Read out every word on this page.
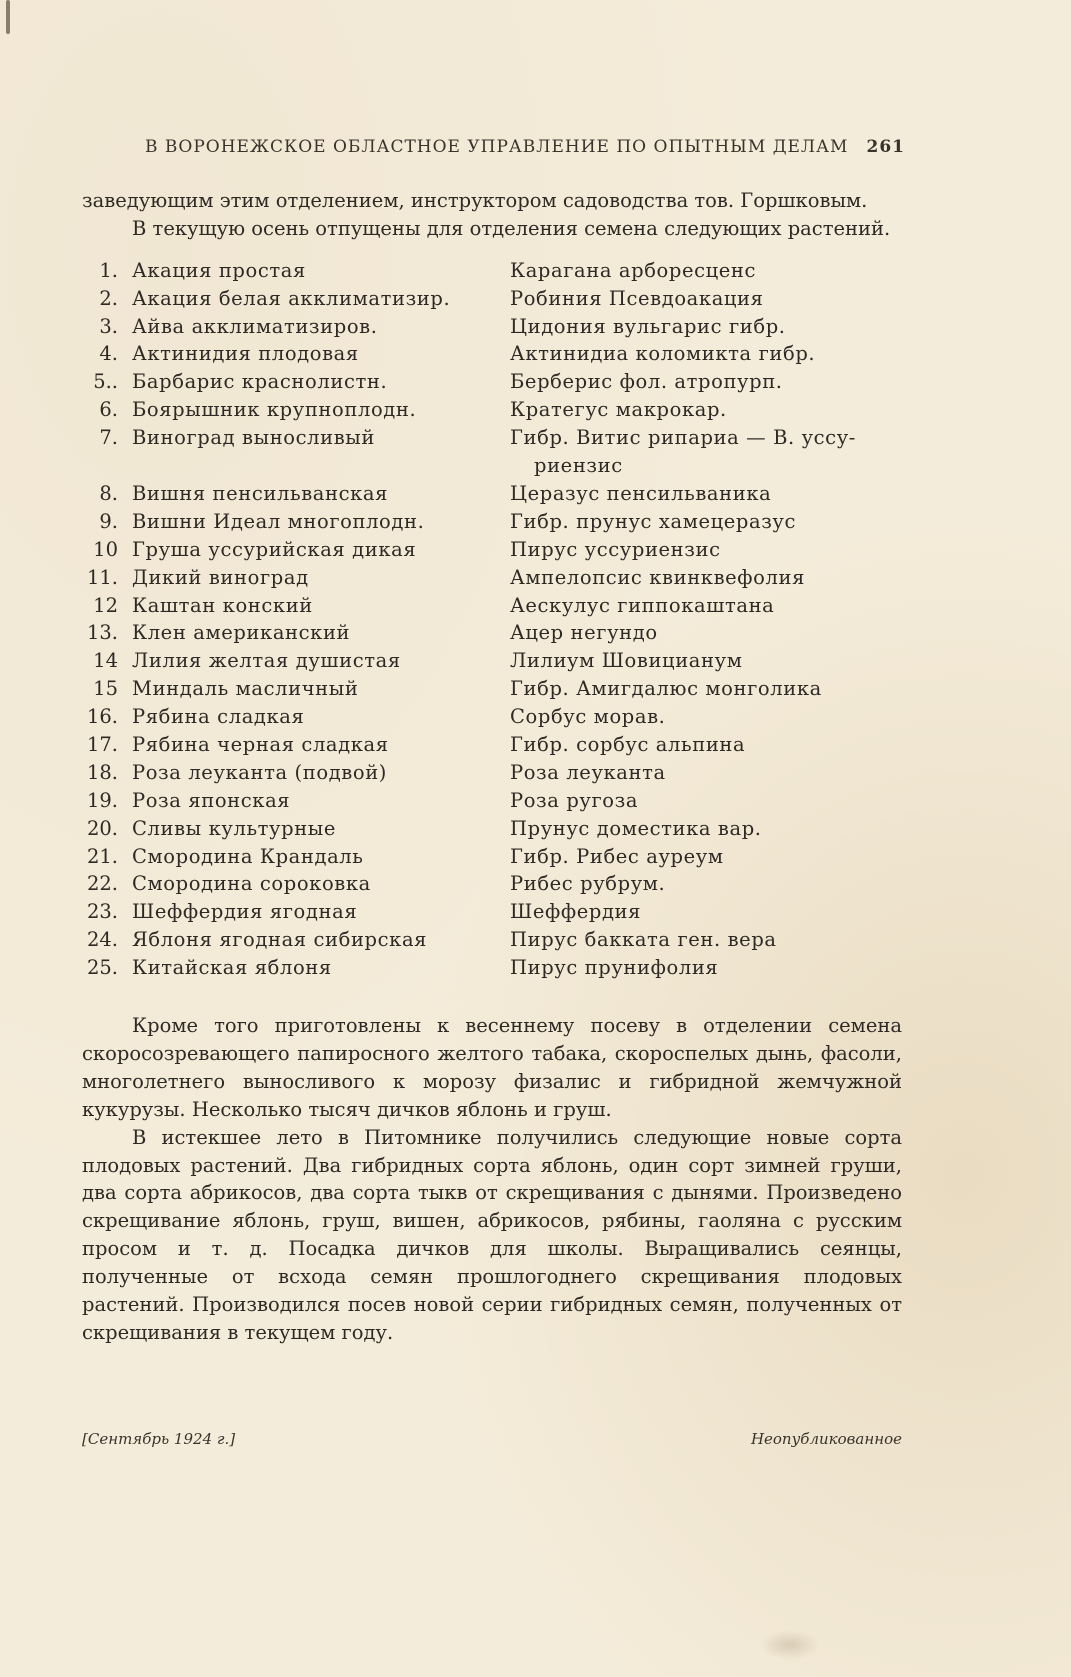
В ВОРОНЕЖСКОЕ ОБЛАСТНОЕ УПРАВЛЕНИЕ ПО ОПЫТНЫМ ДЕЛАМ 261

заведующим этим отделением, инструктором садоводства тов. Горшковым.

В текущую осень отпущены для отделения семена следующих растений.

1. Акация простая	Карагана арборесценс
2. Акация белая акклиматизир.	Робиния Псевдоакация
3. Айва акклиматизиров.	Цидония вульгарис гибр.
4. Актинидия плодовая	Актинидиа коломикта гибр.
5.. Барбарис краснолистн.	Берберис фол. атропурп.
6. Боярышник крупноплодн.	Кратегус макрокар.
7. Виноград выносливый	Гибр. Витис рипариа — В. уссу-
риензис
8. Вишня пенсильванская	Церазус пенсильваника
9. Вишни Идеал многоплодн.	Гибр. прунус хамецеразус
10 Груша уссурийская дикая	Пирус уссуриензис
11. Дикий виноград	Ампелопсис квинквефолия
12 Каштан конский	Аескулус гиппокаштана
13. Клен американский	Ацер негундо
14 Лилия желтая душистая	Лилиум Шовицианум
15 Миндаль масличный	Гибр. Амигдалюс монголика
16. Рябина сладкая	Сорбус морав.
17. Рябина черная сладкая	Гибр. сорбус альпина
18. Роза леуканта (подвой)	Роза леуканта
19. Роза японская	Роза ругоза
20. Сливы культурные	Прунус доместика вар.
21. Смородина Крандаль	Гибр. Рибес ауреум
22. Смородина сороковка	Рибес рубрум.
23. Шеффердия ягодная	Шеффердия
24. Яблоня ягодная сибирская	Пирус бакката ген. вера
25. Китайская яблоня	Пирус прунифолия

Кроме того приготовлены к весеннему посеву в отделении семена скоросозревающего папиросного желтого табака, скороспелых дынь, фасоли, многолетнего выносливого к морозу физалис и гибридной жемчужной кукурузы. Несколько тысяч дичков яблонь и груш.

В истекшее лето в Питомнике получились следующие новые сорта плодовых растений. Два гибридных сорта яблонь, один сорт зимней груши, два сорта абрикосов, два сорта тыкв от скрещивания с дынями. Произведено скрещивание яблонь, груш, вишен, абрикосов, рябины, гаоляна с русским просом и т. д. Посадка дичков для школы. Выращивались сеянцы, полученные от всхода семян прошлогоднего скрещивания плодовых растений. Производился посев новой серии гибридных семян, полученных от скрещивания в текущем году.

[Сентябрь 1924 г.]	Неопубликованное
